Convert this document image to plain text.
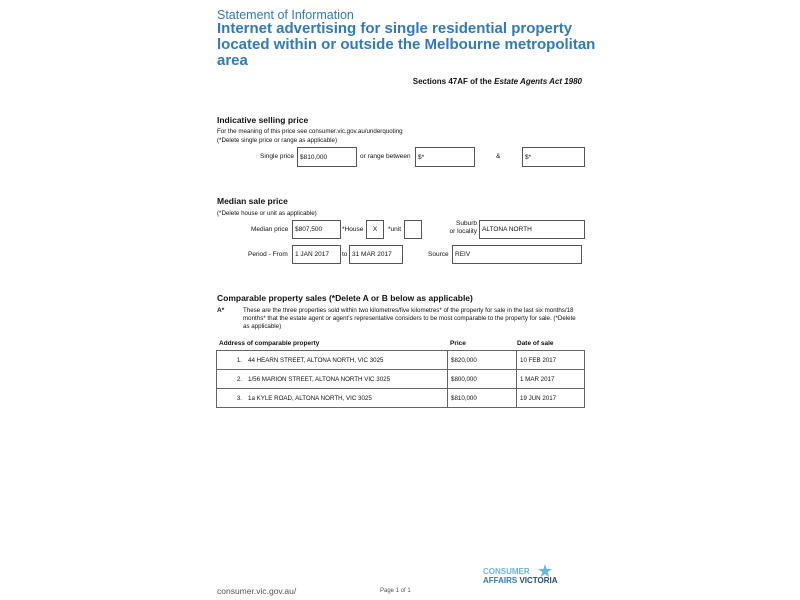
Statement of Information
Internet advertising for single residential property located within or outside the Melbourne metropolitan area
Sections 47AF of the Estate Agents Act 1980
Indicative selling price
For the meaning of this price see consumer.vic.gov.au/underquoting
(*Delete single price or range as applicable)
Single price $810,000	or range between	$*	&	$*
Median sale price
(*Delete house or unit as applicable)
Median price	$807,500	*House	X	*unit
Suburb
or locality ALTONA NORTH
Period - From	1 JAN 2017	to 31 MAR 2017	Source REIV
Comparable property sales (*Delete A or B below as applicable)
A*	These are the three properties sold within two kilometres/five kilometres* of the property for sale in the last six months/18 months* that the estate agent or agent's representative considers to be most comparable to the property for sale. (*Delete as applicable)
Address of comparable property	Price	Date of sale
1.	44 HEARN STREET, ALTONA NORTH, VIC 3025	$820,000	10 FEB 2017
2.	1/56 MARION STREET, ALTONA NORTH VIC 3025	$800,000	1 MAR 2017
3.	1a KYLE ROAD, ALTONA NORTH, VIC 3025	$810,000	19 JUN 2017
consumer.vic.gov.au/	Page 1 of 1
CONSUMER
AFFAIRS VICTORIA
